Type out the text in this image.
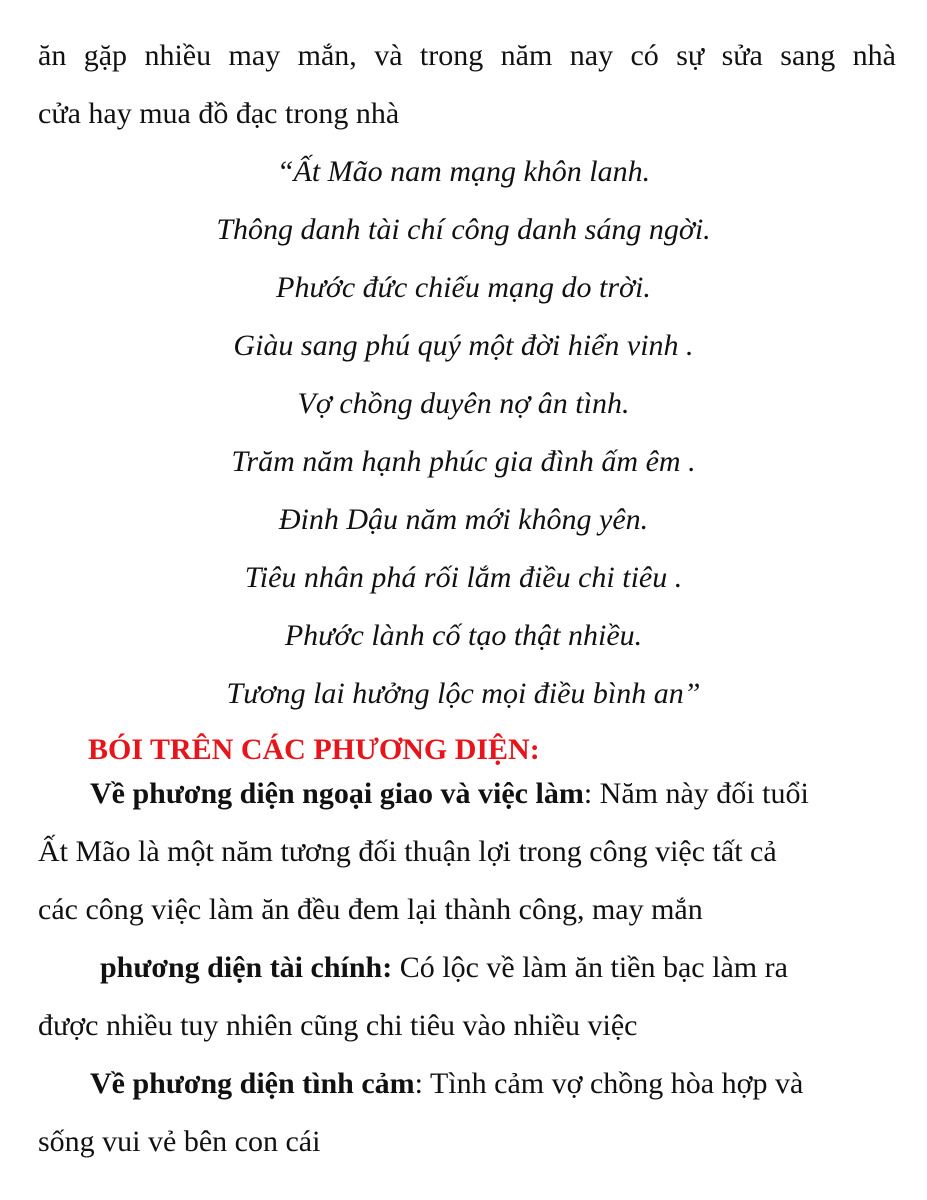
ăn gặp nhiều may mắn, và trong năm nay có sự sửa sang nhà
cửa hay mua đồ đạc trong nhà
“Ất Mão nam mạng khôn lanh.
Thông danh tài chí công danh sáng ngời.
Phước đức chiếu mạng do trời.
Giàu sang phú quý một đời hiển vinh .
Vợ chồng duyên nợ ân tình.
Trăm năm hạnh phúc gia đình ấm êm .
Đinh Dậu năm mới không yên.
Tiêu nhân phá rối lắm điều chi tiêu .
Phước lành cố tạo thật nhiều.
Tương lai hưởng lộc mọi điều bình an”
BÓI TRÊN CÁC PHƯƠNG DIỆN:
Về phương diện ngoại giao và việc làm: Năm này đối tuổi
Ất Mão là một năm tương đối thuận lợi trong công việc tất cả
các công việc làm ăn đều đem lại thành công, may mắn
phương diện tài chính: Có lộc về làm ăn tiền bạc làm ra
được nhiều tuy nhiên cũng chi tiêu vào nhiều việc
Về phương diện tình cảm: Tình cảm vợ chồng hòa hợp và
sống vui vẻ bên con cái
